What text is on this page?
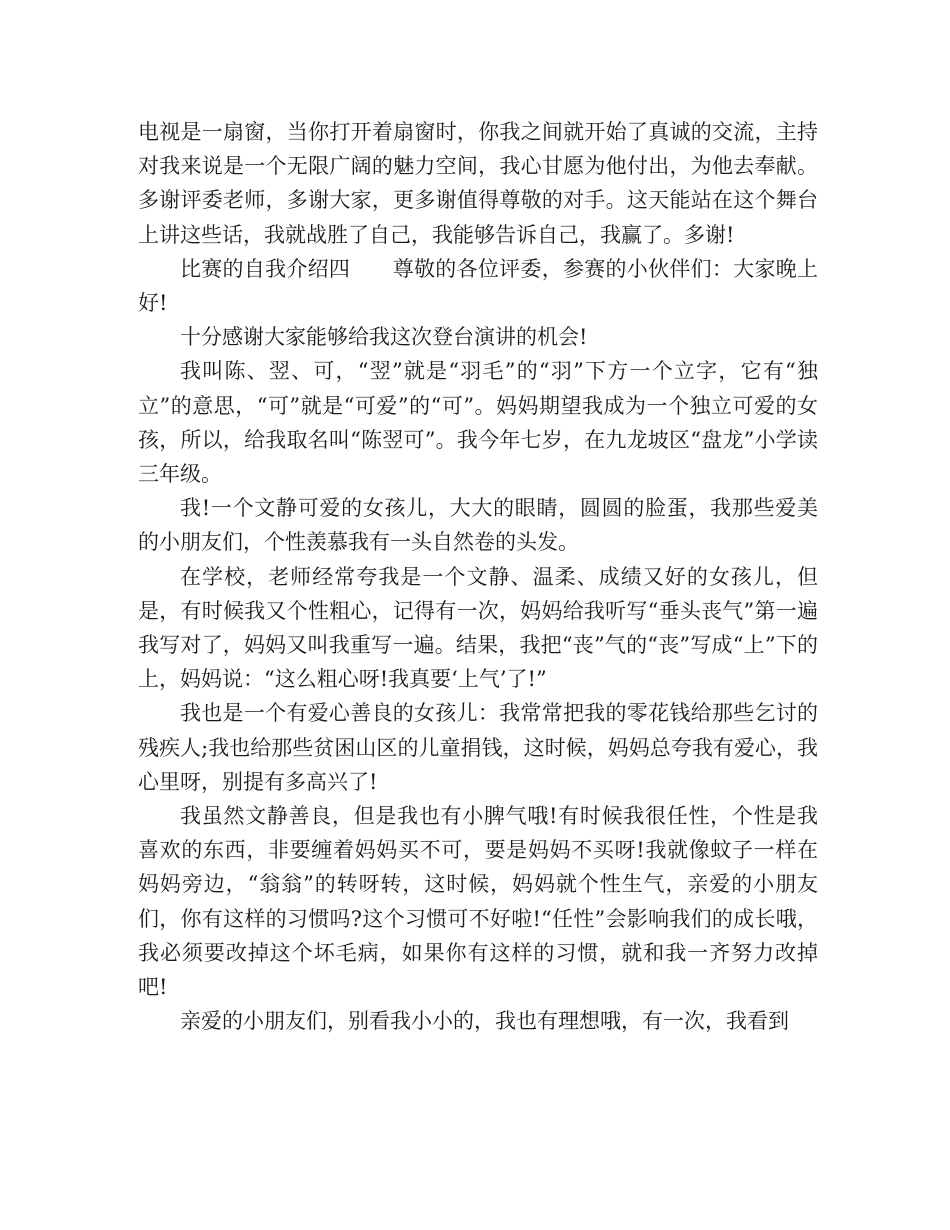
电视是一扇窗，当你打开着扇窗时，你我之间就开始了真诚的交流，主持对我来说是一个无限广阔的魅力空间，我心甘愿为他付出，为他去奉献。多谢评委老师，多谢大家，更多谢值得尊敬的对手。这天能站在这个舞台上讲这些话，我就战胜了自己，我能够告诉自己，我赢了。多谢!

比赛的自我介绍四　　尊敬的各位评委，参赛的小伙伴们：大家晚上好!

十分感谢大家能够给我这次登台演讲的机会!

我叫陈、翌、可，“翌”就是“羽毛”的“羽”下方一个立字，它有“独立”的意思，“可”就是“可爱”的“可”。妈妈期望我成为一个独立可爱的女孩，所以，给我取名叫“陈翌可”。我今年七岁，在九龙坡区“盘龙”小学读三年级。

我!一个文静可爱的女孩儿，大大的眼睛，圆圆的脸蛋，我那些爱美的小朋友们，个性羡慕我有一头自然卷的头发。

在学校，老师经常夸我是一个文静、温柔、成绩又好的女孩儿，但是，有时候我又个性粗心，记得有一次，妈妈给我听写“垂头丧气”第一遍我写对了，妈妈又叫我重写一遍。结果，我把“丧”气的“丧”写成“上”下的上，妈妈说：“这么粗心呀!我真要‘上气’了!”

我也是一个有爱心善良的女孩儿：我常常把我的零花钱给那些乞讨的残疾人;我也给那些贫困山区的儿童捐钱，这时候，妈妈总夸我有爱心，我心里呀，别提有多高兴了!

我虽然文静善良，但是我也有小脾气哦!有时候我很任性，个性是我喜欢的东西，非要缠着妈妈买不可，要是妈妈不买呀!我就像蚊子一样在妈妈旁边，“翁翁”的转呀转，这时候，妈妈就个性生气，亲爱的小朋友们，你有这样的习惯吗?这个习惯可不好啦!“任性”会影响我们的成长哦，我必须要改掉这个坏毛病，如果你有这样的习惯，就和我一齐努力改掉吧!

亲爱的小朋友们，别看我小小的，我也有理想哦，有一次，我看到
